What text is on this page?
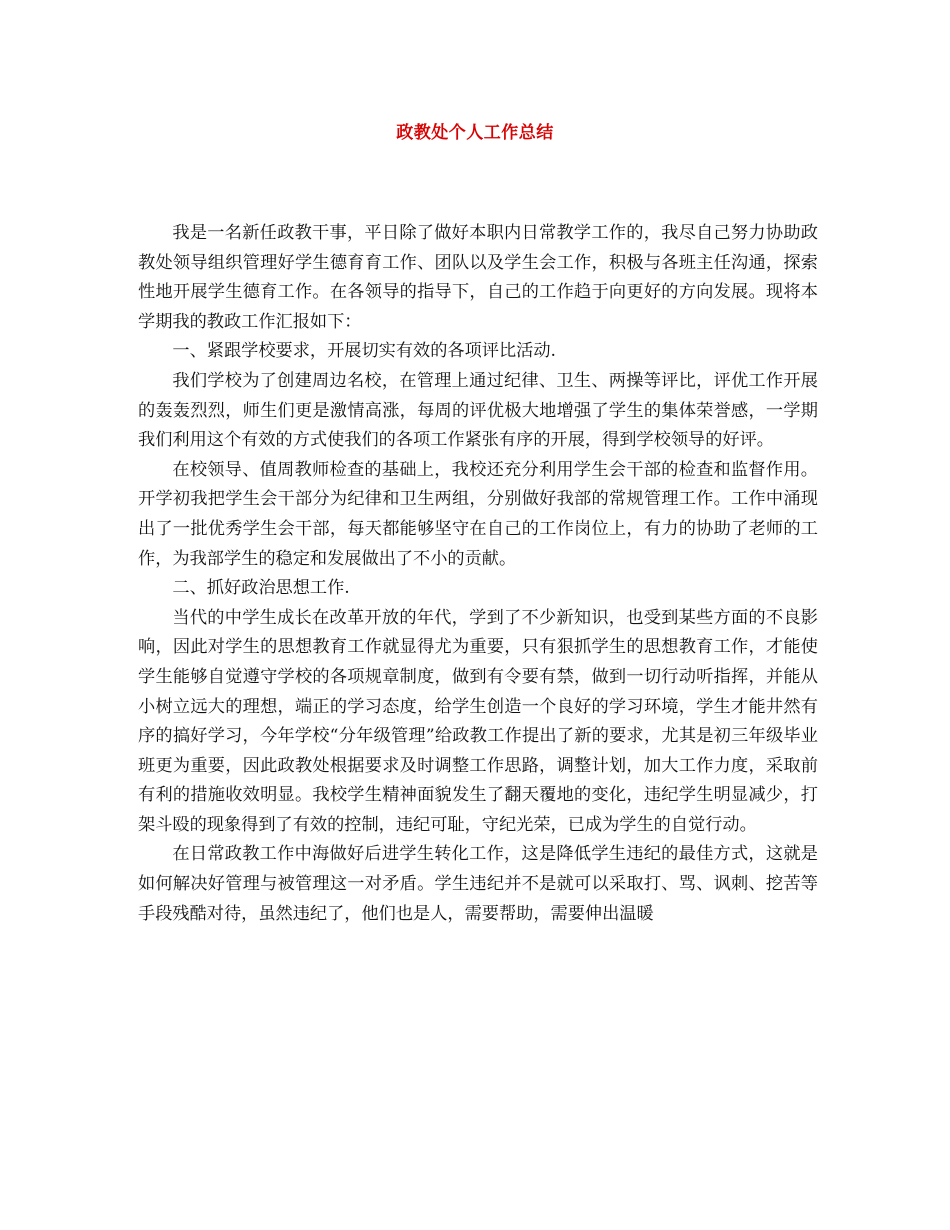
政教处个人工作总结

我是一名新任政教干事，平日除了做好本职内日常教学工作的，我尽自己努力协助政教处领导组织管理好学生德育育工作、团队以及学生会工作，积极与各班主任沟通，探索性地开展学生德育工作。在各领导的指导下，自己的工作趋于向更好的方向发展。现将本学期我的教政工作汇报如下：

一、紧跟学校要求，开展切实有效的各项评比活动.

我们学校为了创建周边名校，在管理上通过纪律、卫生、两操等评比，评优工作开展的轰轰烈烈，师生们更是激情高涨，每周的评优极大地增强了学生的集体荣誉感，一学期我们利用这个有效的方式使我们的各项工作紧张有序的开展，得到学校领导的好评。

在校领导、值周教师检查的基础上，我校还充分利用学生会干部的检查和监督作用。开学初我把学生会干部分为纪律和卫生两组，分别做好我部的常规管理工作。工作中涌现出了一批优秀学生会干部，每天都能够坚守在自己的工作岗位上，有力的协助了老师的工作，为我部学生的稳定和发展做出了不小的贡献。

二、抓好政治思想工作.

当代的中学生成长在改革开放的年代，学到了不少新知识，也受到某些方面的不良影响，因此对学生的思想教育工作就显得尤为重要，只有狠抓学生的思想教育工作，才能使学生能够自觉遵守学校的各项规章制度，做到有令要有禁，做到一切行动听指挥，并能从小树立远大的理想，端正的学习态度，给学生创造一个良好的学习环境，学生才能井然有序的搞好学习，今年学校“分年级管理”给政教工作提出了新的要求，尤其是初三年级毕业班更为重要，因此政教处根据要求及时调整工作思路，调整计划，加大工作力度，采取前有利的措施收效明显。我校学生精神面貌发生了翻天覆地的变化，违纪学生明显减少，打架斗殴的现象得到了有效的控制，违纪可耻，守纪光荣，已成为学生的自觉行动。

在日常政教工作中海做好后进学生转化工作，这是降低学生违纪的最佳方式，这就是如何解决好管理与被管理这一对矛盾。学生违纪并不是就可以采取打、骂、讽刺、挖苦等手段残酷对待，虽然违纪了，他们也是人，需要帮助，需要伸出温暖
